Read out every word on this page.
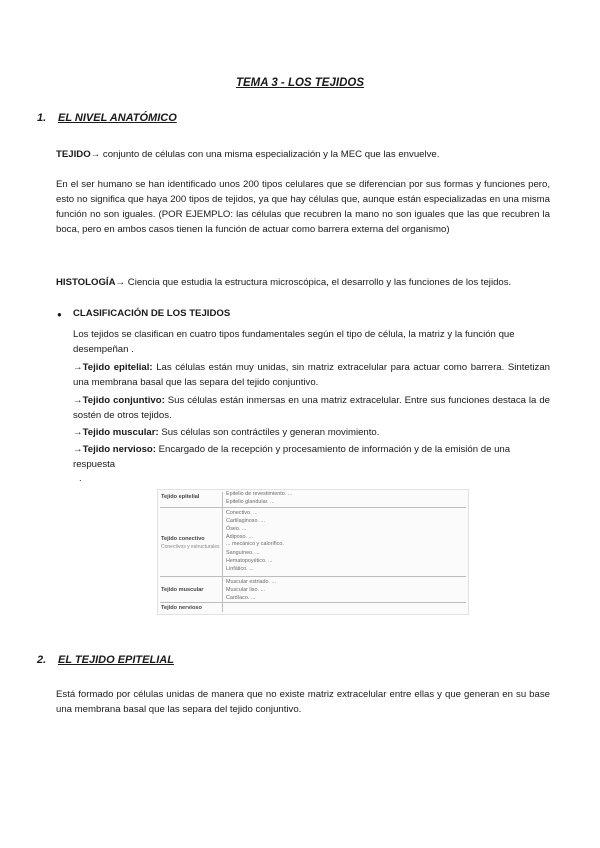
TEMA 3 - LOS TEJIDOS
1. EL NIVEL ANATÓMICO
TEJIDO→ conjunto de células con una misma especialización y la MEC que las envuelve.
En el ser humano se han identificado unos 200 tipos celulares que se diferencian por sus formas y funciones pero, esto no significa que haya 200 tipos de tejidos, ya que hay células que, aunque están especializadas en una misma función no son iguales. (POR EJEMPLO: las células que recubren la mano no son iguales que las que recubren la boca, pero en ambos casos tienen la función de actuar como barrera externa del organismo)
HISTOLOGÍA→ Ciencia que estudia la estructura microscópica, el desarrollo y las funciones de los tejidos.
● CLASIFICACIÓN DE LOS TEJIDOS
Los tejidos se clasifican en cuatro tipos fundamentales según el tipo de célula, la matriz y la función que desempeñan .
→Tejido epitelial: Las células están muy unidas, sin matriz extracelular para actuar como barrera. Sintetizan una membrana basal que las separa del tejido conjuntivo.
→Tejido conjuntivo: Sus células están inmersas en una matriz extracelular. Entre sus funciones destaca la de sostén de otros tejidos.
→Tejido muscular: Sus células son contráctiles y generan movimiento.
→Tejido nervioso: Encargado de la recepción y procesamiento de información y de la emisión de una respuesta
.
Tejido epitelial	Epitelio de revestimiento. ...
Epitelio glandular. ...
Tejido conectivo
Conectivos y estructurales
Conectivo. ...
Cartilaginoso. ...
Óseo. ...
Adiposo. ...
... mecánico y calorífico.
Sanguíneo. ...
Hematopoyético. ...
Linfático. ...
Tejido muscular
Muscular estriado. ...
Muscular liso. ...
Cardíaco. ...
Tejido nervioso
2. EL TEJIDO EPITELIAL
Está formado por células unidas de manera que no existe matriz extracelular entre ellas y que generan en su base una membrana basal que las separa del tejido conjuntivo.
